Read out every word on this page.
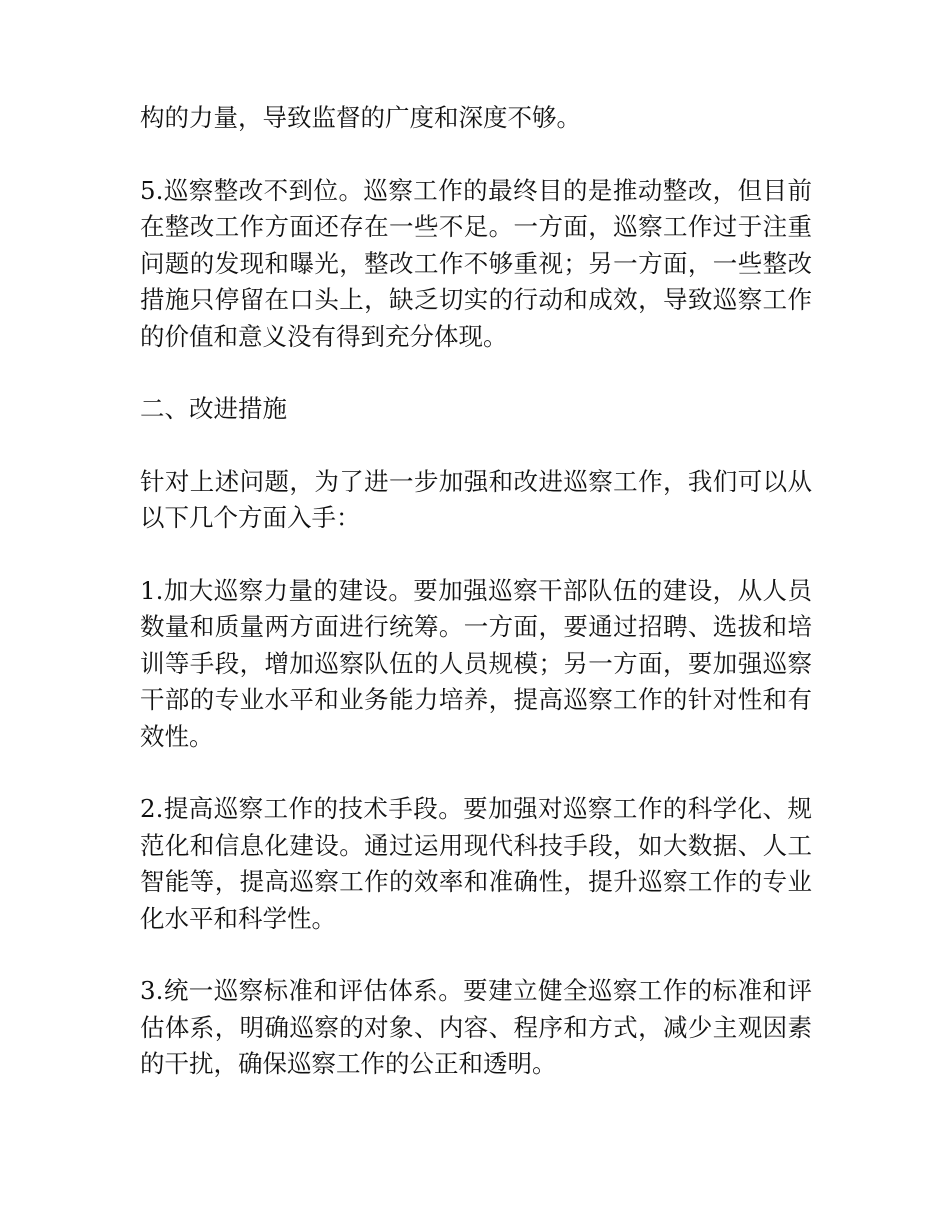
构的力量，导致监督的广度和深度不够。

5.巡察整改不到位。巡察工作的最终目的是推动整改，但目前
在整改工作方面还存在一些不足。一方面，巡察工作过于注重
问题的发现和曝光，整改工作不够重视；另一方面，一些整改
措施只停留在口头上，缺乏切实的行动和成效，导致巡察工作
的价值和意义没有得到充分体现。

二、改进措施

针对上述问题，为了进一步加强和改进巡察工作，我们可以从
以下几个方面入手：

1.加大巡察力量的建设。要加强巡察干部队伍的建设，从人员
数量和质量两方面进行统筹。一方面，要通过招聘、选拔和培
训等手段，增加巡察队伍的人员规模；另一方面，要加强巡察
干部的专业水平和业务能力培养，提高巡察工作的针对性和有
效性。

2.提高巡察工作的技术手段。要加强对巡察工作的科学化、规
范化和信息化建设。通过运用现代科技手段，如大数据、人工
智能等，提高巡察工作的效率和准确性，提升巡察工作的专业
化水平和科学性。

3.统一巡察标准和评估体系。要建立健全巡察工作的标准和评
估体系，明确巡察的对象、内容、程序和方式，减少主观因素
的干扰，确保巡察工作的公正和透明。
